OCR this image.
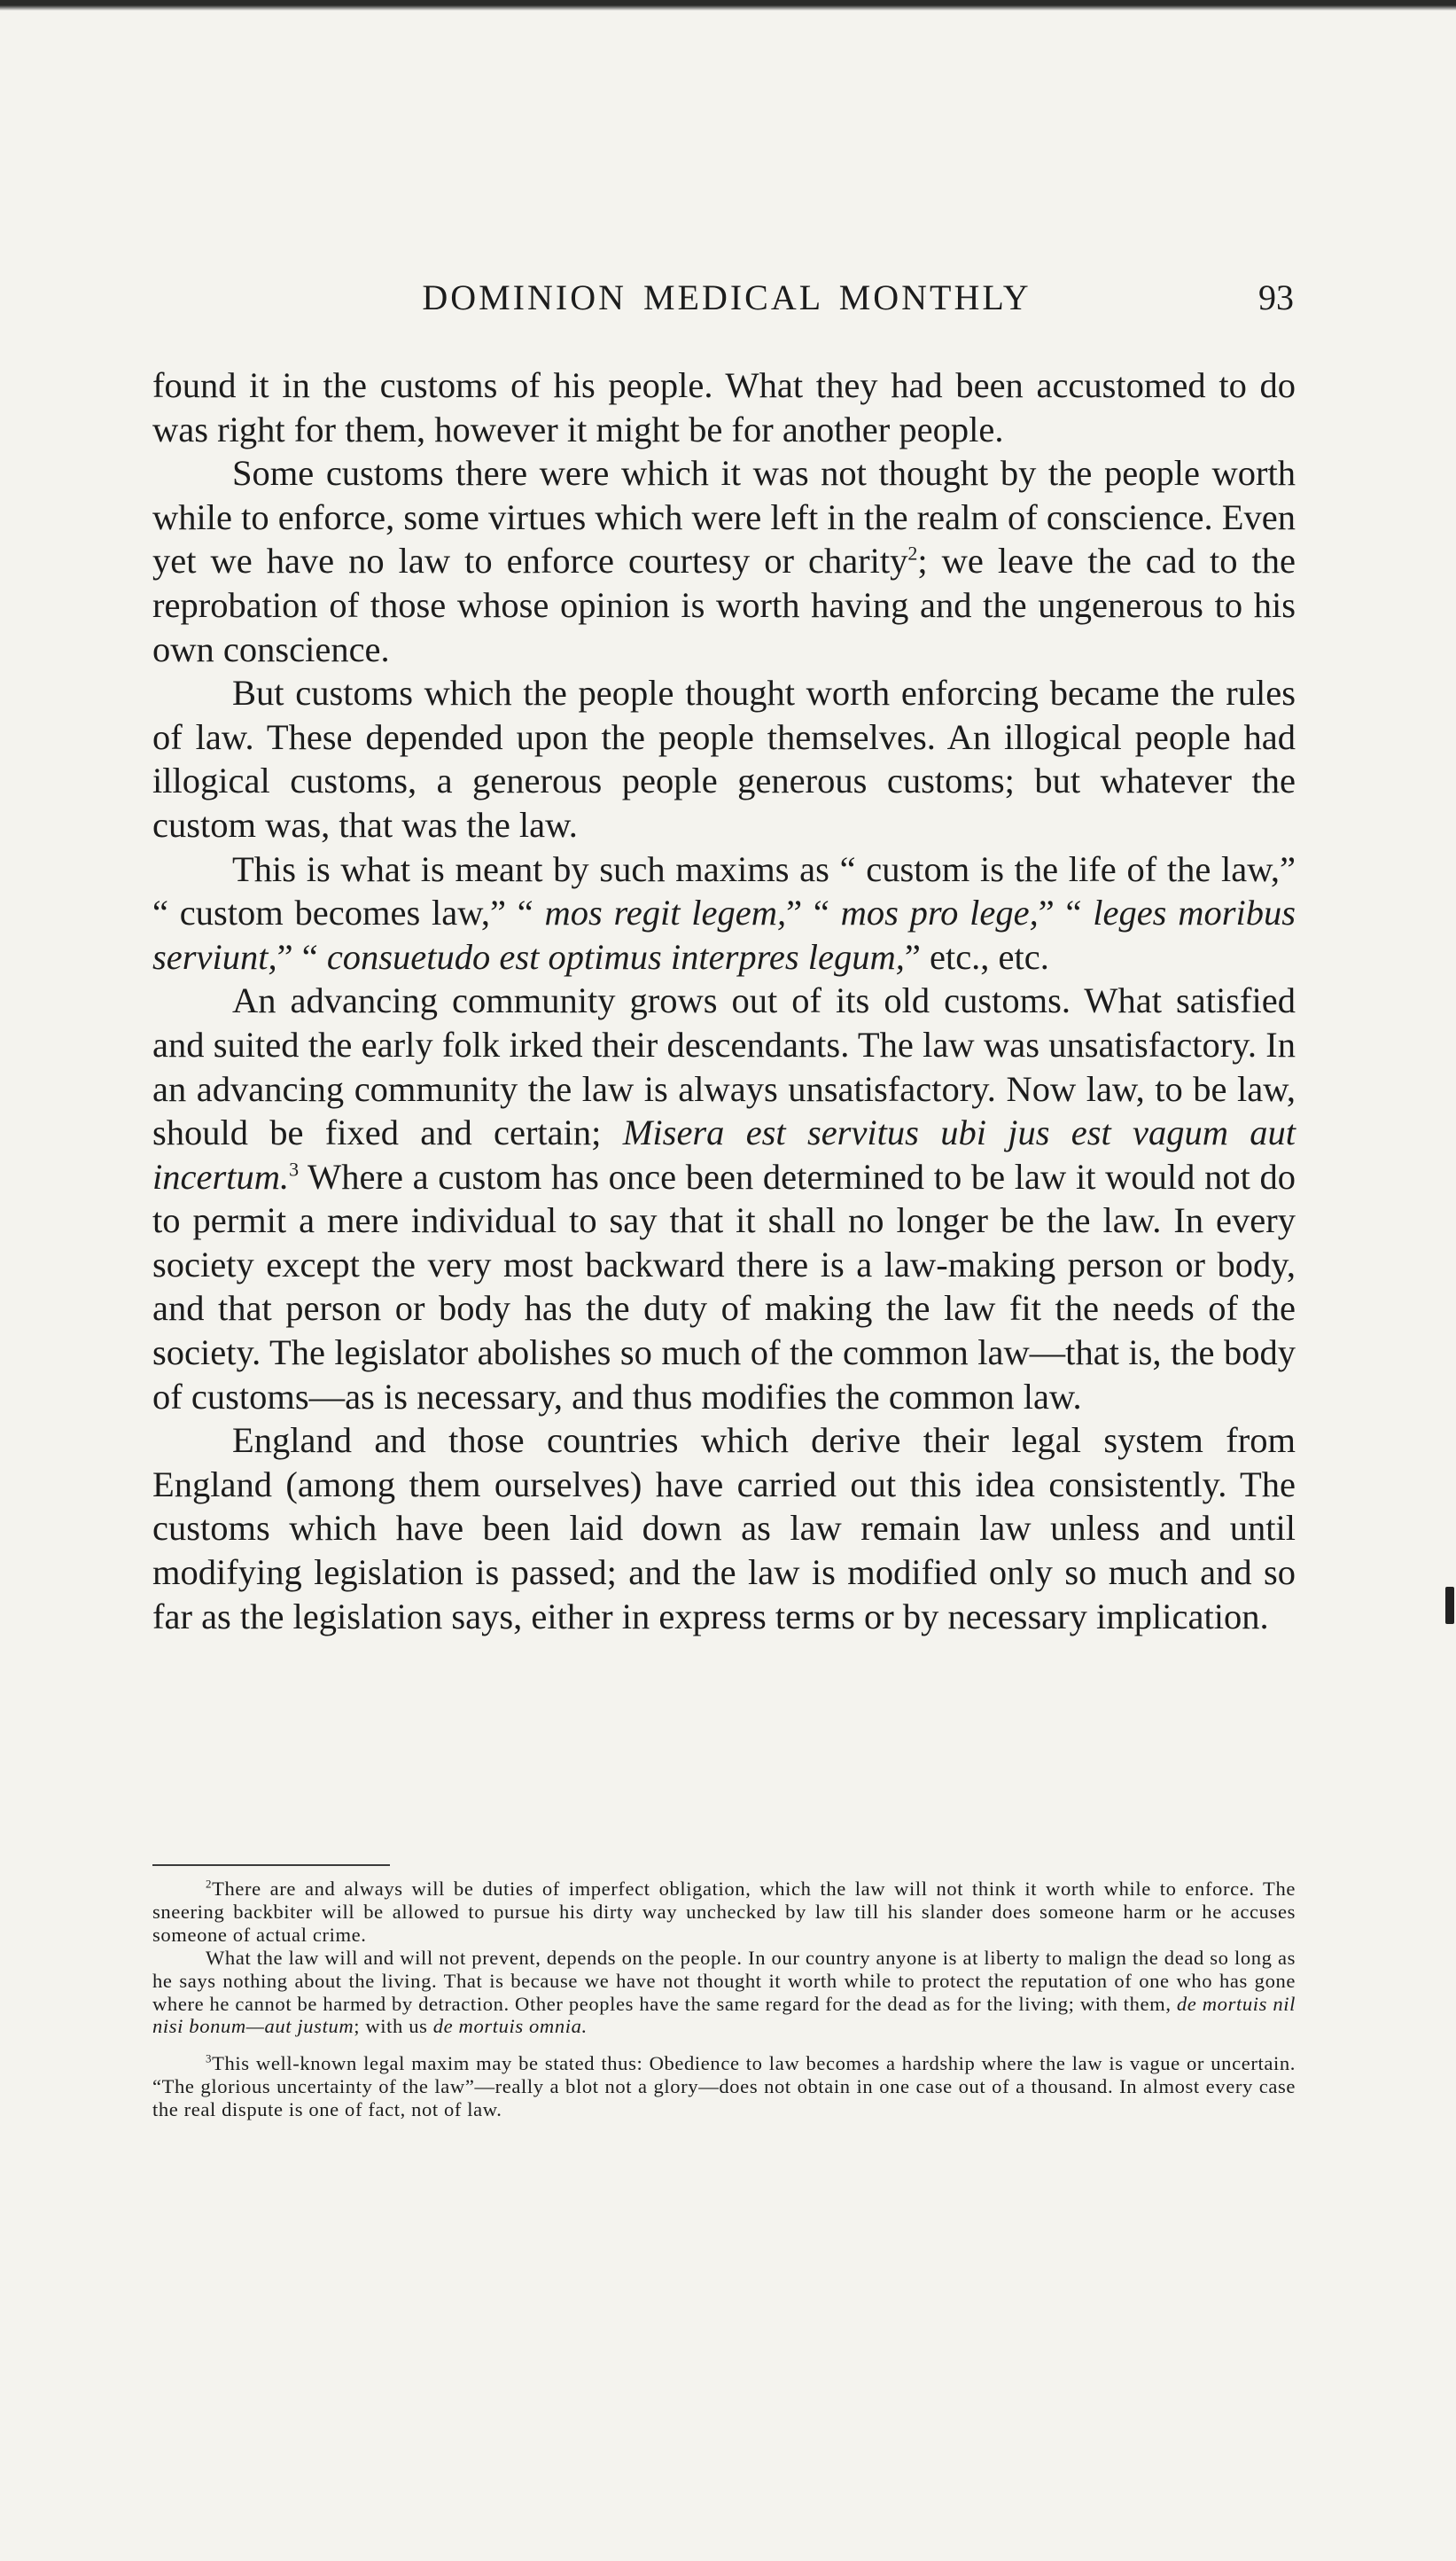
DOMINION MEDICAL MONTHLY	93

found it in the customs of his people. What they had been accustomed to do was right for them, however it might be for another people.

Some customs there were which it was not thought by the people worth while to enforce, some virtues which were left in the realm of conscience. Even yet we have no law to enforce courtesy or charity$^2$; we leave the cad to the reprobation of those whose opinion is worth having and the ungenerous to his own conscience.

But customs which the people thought worth enforcing became the rules of law. These depended upon the people themselves. An illogical people had illogical customs, a generous people generous customs; but whatever the custom was, that was the law.

This is what is meant by such maxims as “ custom is the life of the law,” “ custom becomes law,” “ mos regit legem,” “ mos pro lege,” “ leges moribus serviunt,” “ consuetudo est optimus interpres legum,” etc., etc.

An advancing community grows out of its old customs. What satisfied and suited the early folk irked their descendants. The law was unsatisfactory. In an advancing community the law is always unsatisfactory. Now law, to be law, should be fixed and certain; Misera est servitus ubi jus est vagum aut incertum.$^3$ Where a custom has once been determined to be law it would not do to permit a mere individual to say that it shall no longer be the law. In every society except the very most backward there is a law-making person or body, and that person or body has the duty of making the law fit the needs of the society. The legislator abolishes so much of the common law—that is, the body of customs—as is necessary, and thus modifies the common law.

England and those countries which derive their legal system from England (among them ourselves) have carried out this idea consistently. The customs which have been laid down as law remain law unless and until modifying legislation is passed; and the law is modified only so much and so far as the legislation says, either in express terms or by necessary implication.

$^2$There are and always will be duties of imperfect obligation, which the law will not think it worth while to enforce. The sneering backbiter will be allowed to pursue his dirty way unchecked by law till his slander does someone harm or he accuses someone of actual crime.

What the law will and will not prevent, depends on the people. In our country anyone is at liberty to malign the dead so long as he says nothing about the living. That is because we have not thought it worth while to protect the reputation of one who has gone where he cannot be harmed by detraction. Other peoples have the same regard for the dead as for the living; with them, de mortuis nil nisi bonum—aut justum; with us de mortuis omnia.

$^3$This well-known legal maxim may be stated thus: Obedience to law becomes a hardship where the law is vague or uncertain. “The glorious uncertainty of the law”—really a blot not a glory—does not obtain in one case out of a thousand. In almost every case the real dispute is one of fact, not of law.
